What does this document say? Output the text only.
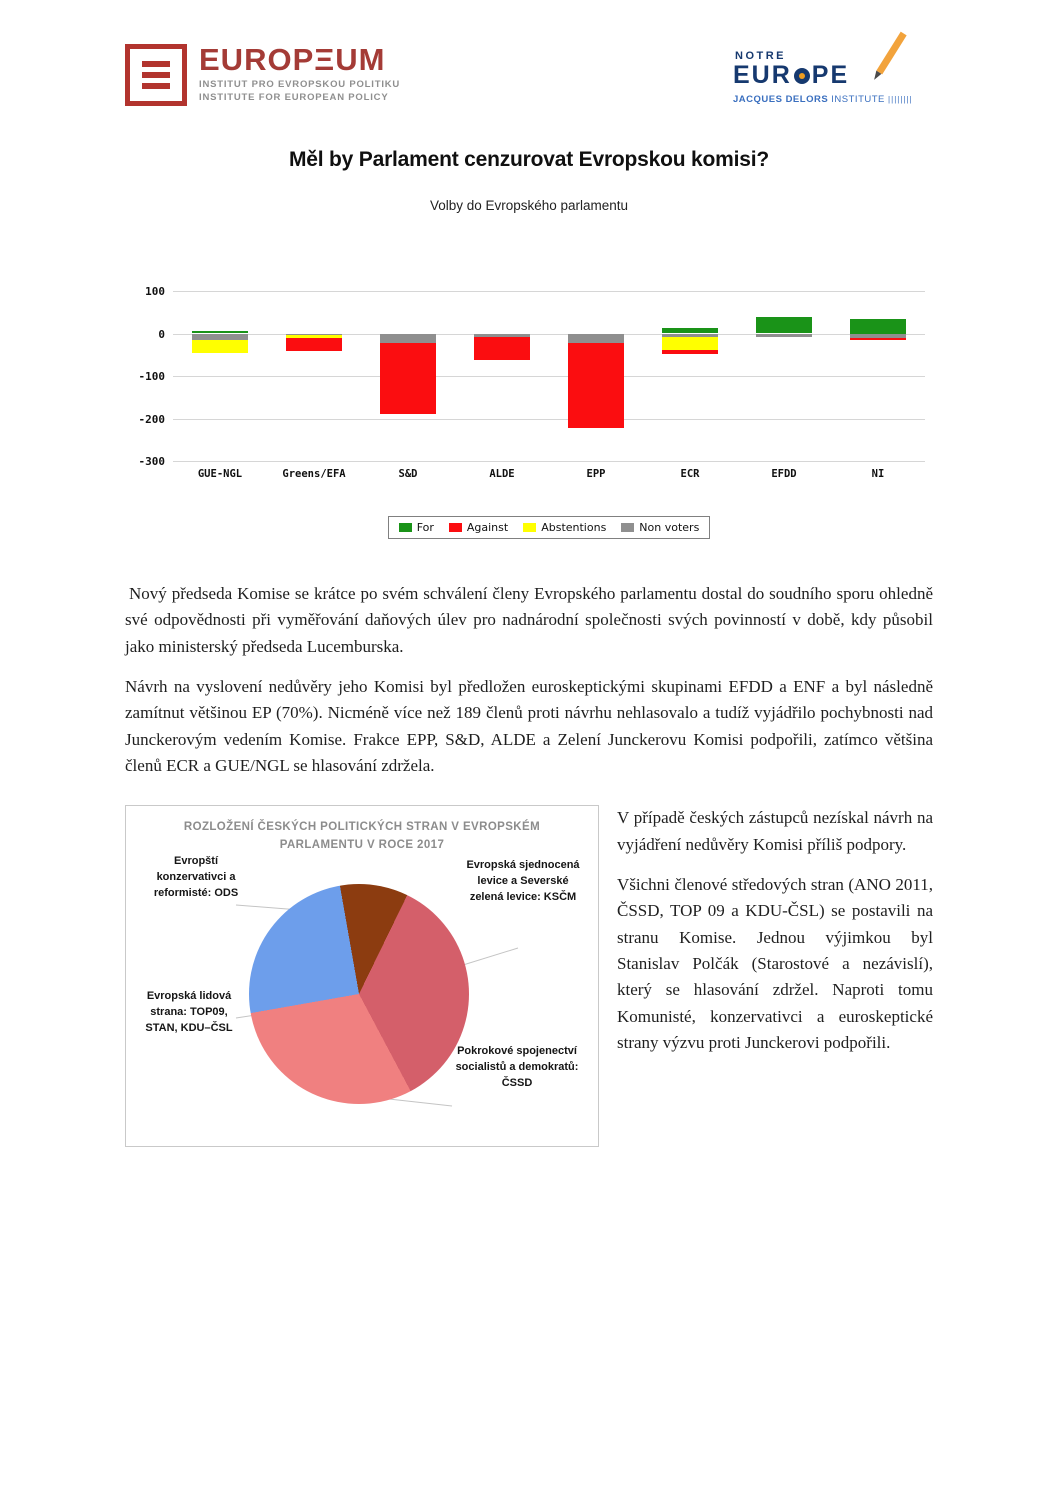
EUROPΞUM
INSTITUT PRO EVROPSKOU POLITIKU
INSTITUTE FOR EUROPEAN POLICY
NOTRE
EUR PE
JACQUES DELORS INSTITUTE ||||||||
Měl by Parlament cenzurovat Evropskou komisi?
Volby do Evropského parlamentu
100
0
-100
-200
-300
GUE-NGL	Greens/EFA	S&D	ALDE	EPP	ECR	EFDD	NI
For	Against	Abstentions	Non voters

Nový předseda Komise se krátce po svém schválení členy Evropského parlamentu dostal do soudního sporu ohledně své odpovědnosti při vyměřování daňových úlev pro nadnárodní společnosti svých povinností v době, kdy působil jako ministerský předseda Lucemburska.

Návrh na vyslovení nedůvěry jeho Komisi byl předložen euroskeptickými skupinami EFDD a ENF a byl následně zamítnut většinou EP (70%). Nicméně více než 189 členů proti návrhu nehlasovalo a tudíž vyjádřilo pochybnosti nad Junckerovým vedením Komise. Frakce EPP, S&D, ALDE a Zelení Junckerovu Komisi podpořili, zatímco většina členů ECR a GUE/NGL se hlasování zdržela.

ROZLOŽENÍ ČESKÝCH POLITICKÝCH STRAN V EVROPSKÉM PARLAMENTU V ROCE 2017
Evropští konzervativci a reformisté: ODS
Evropská sjednocená levice a Severské zelená levice: KSČM
Evropská lidová strana: TOP09, STAN, KDU–ČSL
Pokrokové spojenectví socialistů a demokratů: ČSSD

V případě českých zástupců nezískal návrh na vyjádření nedůvěry Komisi příliš podpory.

Všichni členové středových stran (ANO 2011, ČSSD, TOP 09 a KDU-ČSL) se postavili na stranu Komise. Jednou výjimkou byl Stanislav Polčák (Starostové a nezávislí), který se hlasování zdržel. Naproti tomu Komunisté, konzervativci a euroskeptické strany výzvu proti Junckerovi podpořili.
